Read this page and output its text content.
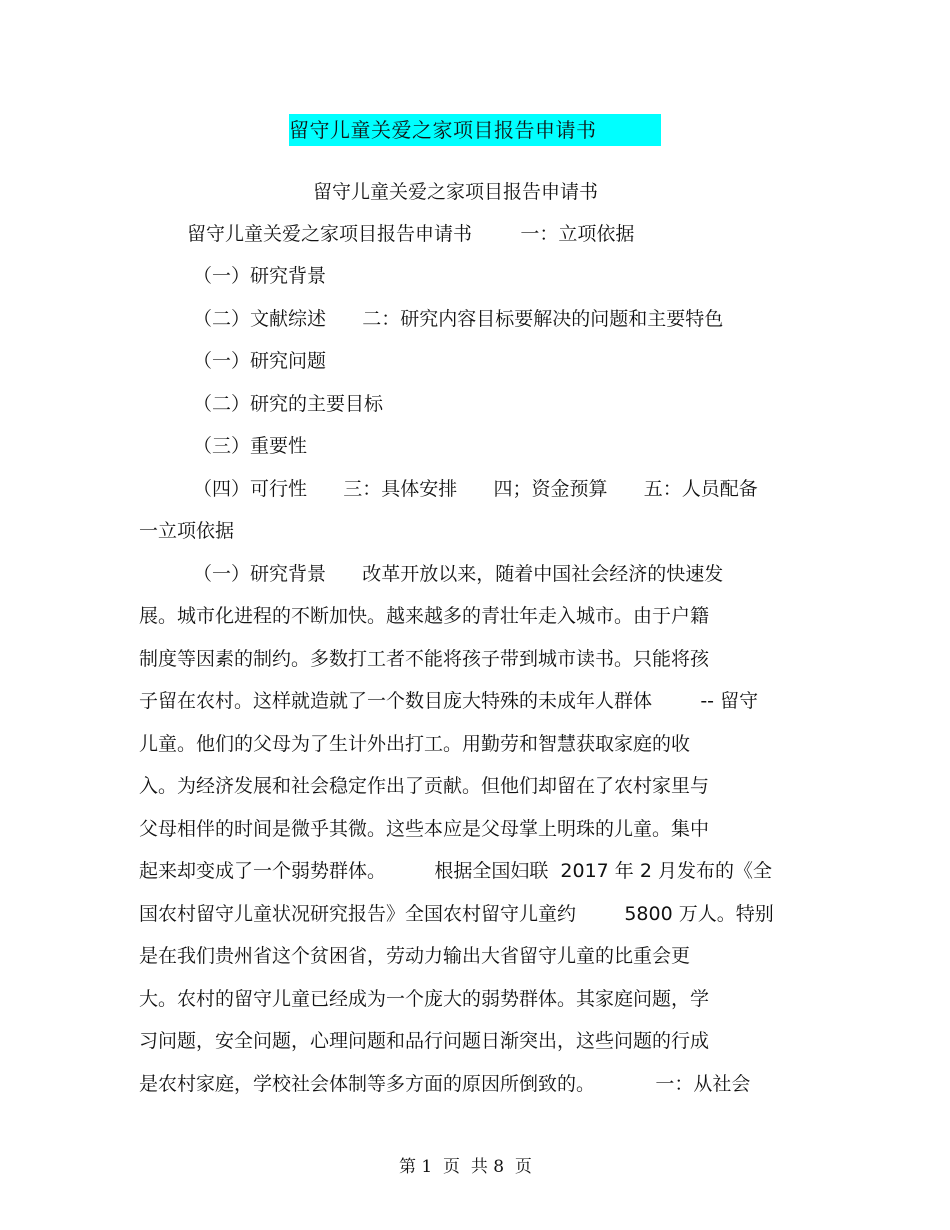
留守儿童关爱之家项目报告申请书
留守儿童关爱之家项目报告申请书
留守儿童关爱之家项目报告申请书        一：立项依据
（一）研究背景
（二）文献综述      二：研究内容目标要解决的问题和主要特色
（一）研究问题
（二）研究的主要目标
（三）重要性
（四）可行性      三：具体安排      四；资金预算      五：人员配备
一立项依据
（一）研究背景      改革开放以来，随着中国社会经济的快速发
展。城市化进程的不断加快。越来越多的青壮年走入城市。由于户籍
制度等因素的制约。多数打工者不能将孩子带到城市读书。只能将孩
子留在农村。这样就造就了一个数目庞大特殊的未成年人群体        -- 留守
儿童。他们的父母为了生计外出打工。用勤劳和智慧获取家庭的收
入。为经济发展和社会稳定作出了贡献。但他们却留在了农村家里与
父母相伴的时间是微乎其微。这些本应是父母掌上明珠的儿童。集中
起来却变成了一个弱势群体。        根据全国妇联  2017 年 2 月发布的《全
国农村留守儿童状况研究报告》全国农村留守儿童约        5800 万人。特别
是在我们贵州省这个贫困省，劳动力输出大省留守儿童的比重会更
大。农村的留守儿童已经成为一个庞大的弱势群体。其家庭问题，学
习问题，安全问题，心理问题和品行问题日渐突出，这些问题的行成
是农村家庭，学校社会体制等多方面的原因所倒致的。          一：从社会
第 1  页  共 8  页
